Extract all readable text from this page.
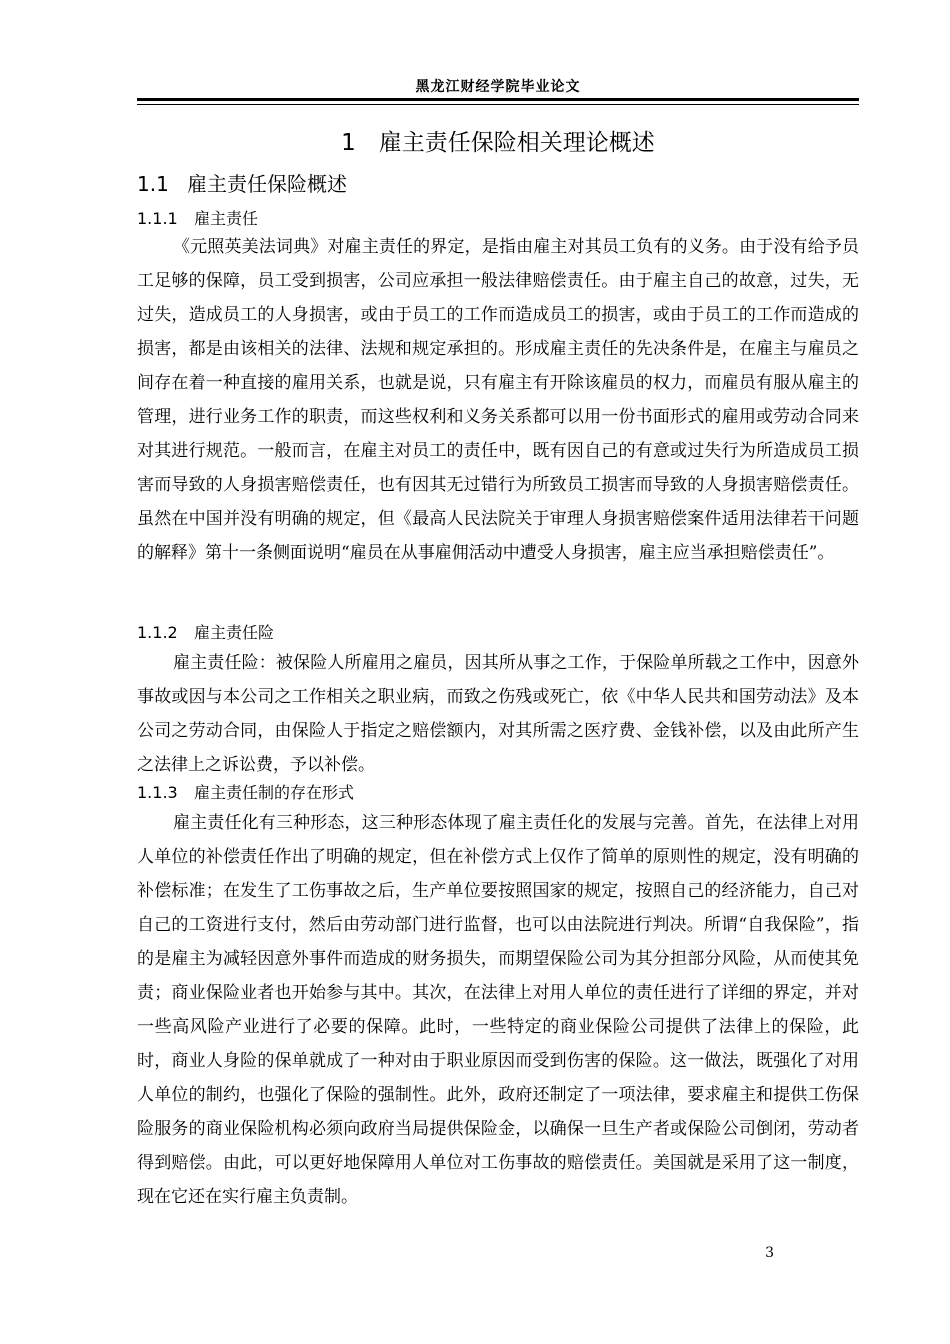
黑龙江财经学院毕业论文
1　雇主责任保险相关理论概述
1.1 雇主责任保险概述
1.1.1 雇主责任

《元照英美法词典》对雇主责任的界定，是指由雇主对其员工负有的义务。由于没有给予员工足够的保障，员工受到损害，公司应承担一般法律赔偿责任。由于雇主自己的故意，过失，无过失，造成员工的人身损害，或由于员工的工作而造成员工的损害，或由于员工的工作而造成的损害，都是由该相关的法律、法规和规定承担的。形成雇主责任的先决条件是，在雇主与雇员之间存在着一种直接的雇用关系，也就是说，只有雇主有开除该雇员的权力，而雇员有服从雇主的管理，进行业务工作的职责，而这些权利和义务关系都可以用一份书面形式的雇用或劳动合同来对其进行规范。一般而言，在雇主对员工的责任中，既有因自己的有意或过失行为所造成员工损害而导致的人身损害赔偿责任，也有因其无过错行为所致员工损害而导致的人身损害赔偿责任。虽然在中国并没有明确的规定，但《最高人民法院关于审理人身损害赔偿案件适用法律若干问题的解释》第十一条侧面说明“雇员在从事雇佣活动中遭受人身损害，雇主应当承担赔偿责任”。

1.1.2 雇主责任险

雇主责任险：被保险人所雇用之雇员，因其所从事之工作，于保险单所载之工作中，因意外事故或因与本公司之工作相关之职业病，而致之伤残或死亡，依《中华人民共和国劳动法》及本公司之劳动合同，由保险人于指定之赔偿额内，对其所需之医疗费、金钱补偿，以及由此所产生之法律上之诉讼费，予以补偿。

1.1.3 雇主责任制的存在形式

雇主责任化有三种形态，这三种形态体现了雇主责任化的发展与完善。首先，在法律上对用人单位的补偿责任作出了明确的规定，但在补偿方式上仅作了简单的原则性的规定，没有明确的补偿标准；在发生了工伤事故之后，生产单位要按照国家的规定，按照自己的经济能力，自己对自己的工资进行支付，然后由劳动部门进行监督，也可以由法院进行判决。所谓“自我保险”，指的是雇主为减轻因意外事件而造成的财务损失，而期望保险公司为其分担部分风险，从而使其免责；商业保险业者也开始参与其中。其次，在法律上对用人单位的责任进行了详细的界定，并对一些高风险产业进行了必要的保障。此时，一些特定的商业保险公司提供了法律上的保险，此时，商业人身险的保单就成了一种对由于职业原因而受到伤害的保险。这一做法，既强化了对用人单位的制约，也强化了保险的强制性。此外，政府还制定了一项法律，要求雇主和提供工伤保险服务的商业保险机构必须向政府当局提供保险金，以确保一旦生产者或保险公司倒闭，劳动者得到赔偿。由此，可以更好地保障用人单位对工伤事故的赔偿责任。美国就是采用了这一制度，现在它还在实行雇主负责制。

3
